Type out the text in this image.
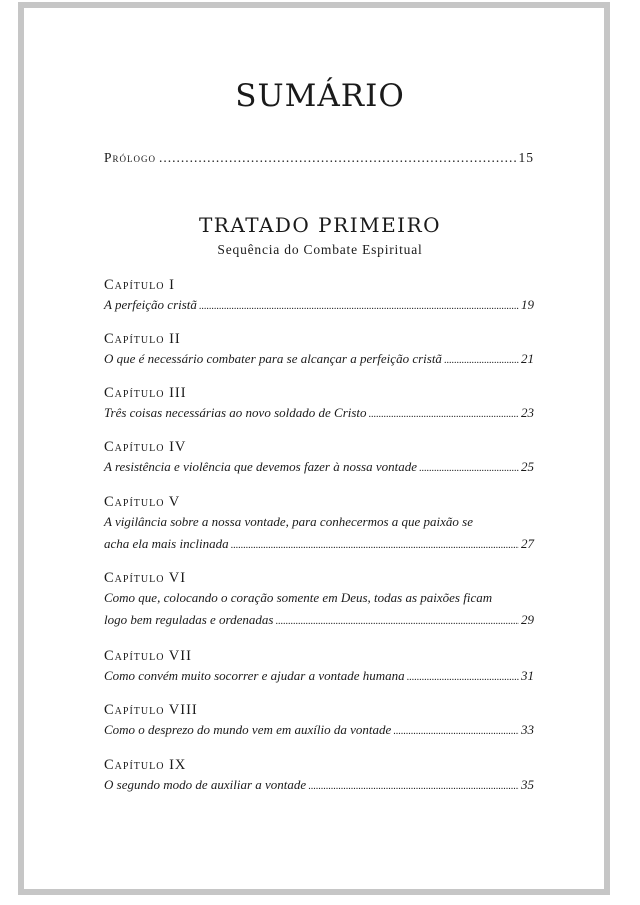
SUMÁRIO
Prólogo .....	15
TRATADO PRIMEIRO
Sequência do Combate Espiritual
Capítulo I
A perfeição cristã .....	19
Capítulo II
O que é necessário combater para se alcançar a perfeição cristã .....	21
Capítulo III
Três coisas necessárias ao novo soldado de Cristo .....	23
Capítulo IV
A resistência e violência que devemos fazer à nossa vontade .....	25
Capítulo V
A vigilância sobre a nossa vontade, para conhecermos a que paixão se
acha ela mais inclinada .....	27
Capítulo VI
Como que, colocando o coração somente em Deus, todas as paixões ficam
logo bem reguladas e ordenadas .....	29
Capítulo VII
Como convém muito socorrer e ajudar a vontade humana .....	31
Capítulo VIII
Como o desprezo do mundo vem em auxílio da vontade .....	33
Capítulo IX
O segundo modo de auxiliar a vontade .....	35
